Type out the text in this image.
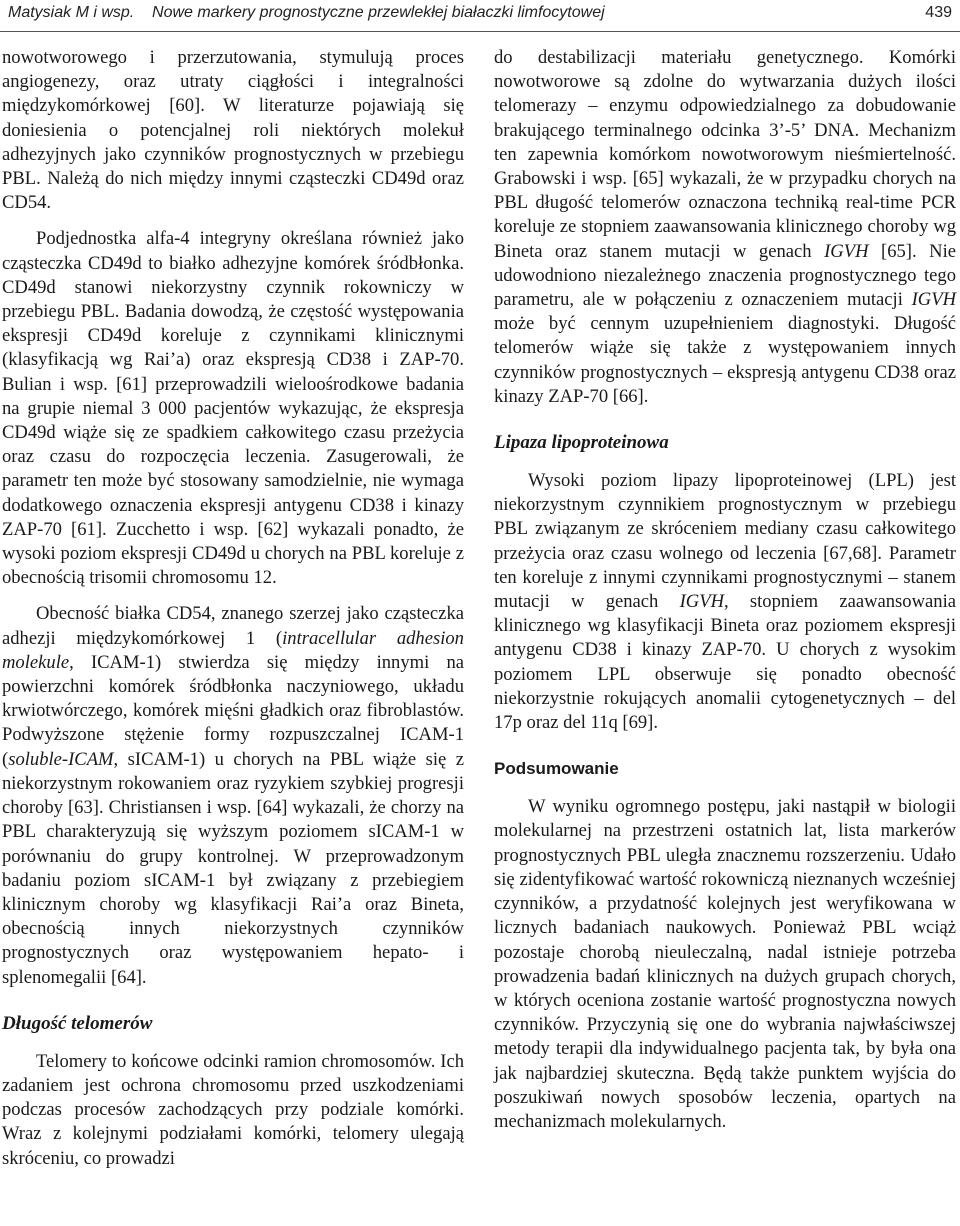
Matysiak M i wsp. Nowe markery prognostyczne przewlekłej białaczki limfocytowej	439

nowotworowego i przerzutowania, stymulują proces angiogenezy, oraz utraty ciągłości i integralności międzykomórkowej [60]. W literaturze pojawiają się doniesienia o potencjalnej roli niektórych molekuł adhezyjnych jako czynników prognostycznych w przebiegu PBL. Należą do nich między innymi cząsteczki CD49d oraz CD54.

Podjednostka alfa-4 integryny określana również jako cząsteczka CD49d to białko adhezyjne komórek śródbłonka. CD49d stanowi niekorzystny czynnik rokowniczy w przebiegu PBL. Badania dowodzą, że częstość występowania ekspresji CD49d koreluje z czynnikami klinicznymi (klasyfikacją wg Rai’a) oraz ekspresją CD38 i ZAP-70. Bulian i wsp. [61] przeprowadzili wieloośrodkowe badania na grupie niemal 3 000 pacjentów wykazując, że ekspresja CD49d wiąże się ze spadkiem całkowitego czasu przeżycia oraz czasu do rozpoczęcia leczenia. Zasugerowali, że parametr ten może być stosowany samodzielnie, nie wymaga dodatkowego oznaczenia ekspresji antygenu CD38 i kinazy ZAP-70 [61]. Zucchetto i wsp. [62] wykazali ponadto, że wysoki poziom ekspresji CD49d u chorych na PBL koreluje z obecnością trisomii chromosomu 12.

Obecność białka CD54, znanego szerzej jako cząsteczka adhezji międzykomórkowej 1 (intracellular adhesion molekule, ICAM-1) stwierdza się między innymi na powierzchni komórek śródbłonka naczyniowego, układu krwiotwórczego, komórek mięśni gładkich oraz fibroblastów. Podwyższone stężenie formy rozpuszczalnej ICAM-1 (soluble-ICAM, sICAM-1) u chorych na PBL wiąże się z niekorzystnym rokowaniem oraz ryzykiem szybkiej progresji choroby [63]. Christiansen i wsp. [64] wykazali, że chorzy na PBL charakteryzują się wyższym poziomem sICAM-1 w porównaniu do grupy kontrolnej. W przeprowadzonym badaniu poziom sICAM-1 był związany z przebiegiem klinicznym choroby wg klasyfikacji Rai’a oraz Bineta, obecnością innych niekorzystnych czynników prognostycznych oraz występowaniem hepato- i splenomegalii [64].

Długość telomerów

Telomery to końcowe odcinki ramion chromosomów. Ich zadaniem jest ochrona chromosomu przed uszkodzeniami podczas procesów zachodzących przy podziale komórki. Wraz z kolejnymi podziałami komórki, telomery ulegają skróceniu, co prowadzi

do destabilizacji materiału genetycznego. Komórki nowotworowe są zdolne do wytwarzania dużych ilości telomerazy – enzymu odpowiedzialnego za dobudowanie brakującego terminalnego odcinka 3’-5’ DNA. Mechanizm ten zapewnia komórkom nowotworowym nieśmiertelność. Grabowski i wsp. [65] wykazali, że w przypadku chorych na PBL długość telomerów oznaczona techniką real-time PCR koreluje ze stopniem zaawansowania klinicznego choroby wg Bineta oraz stanem mutacji w genach IGVH [65]. Nie udowodniono niezależnego znaczenia prognostycznego tego parametru, ale w połączeniu z oznaczeniem mutacji IGVH może być cennym uzupełnieniem diagnostyki. Długość telomerów wiąże się także z występowaniem innych czynników prognostycznych – ekspresją antygenu CD38 oraz kinazy ZAP-70 [66].

Lipaza lipoproteinowa

Wysoki poziom lipazy lipoproteinowej (LPL) jest niekorzystnym czynnikiem prognostycznym w przebiegu PBL związanym ze skróceniem mediany czasu całkowitego przeżycia oraz czasu wolnego od leczenia [67,68]. Parametr ten koreluje z innymi czynnikami prognostycznymi – stanem mutacji w genach IGVH, stopniem zaawansowania klinicznego wg klasyfikacji Bineta oraz poziomem ekspresji antygenu CD38 i kinazy ZAP-70. U chorych z wysokim poziomem LPL obserwuje się ponadto obecność niekorzystnie rokujących anomalii cytogenetycznych – del 17p oraz del 11q [69].

Podsumowanie

W wyniku ogromnego postępu, jaki nastąpił w biologii molekularnej na przestrzeni ostatnich lat, lista markerów prognostycznych PBL uległa znacznemu rozszerzeniu. Udało się zidentyfikować wartość rokowniczą nieznanych wcześniej czynników, a przydatność kolejnych jest weryfikowana w licznych badaniach naukowych. Ponieważ PBL wciąż pozostaje chorobą nieuleczalną, nadal istnieje potrzeba prowadzenia badań klinicznych na dużych grupach chorych, w których oceniona zostanie wartość prognostyczna nowych czynników. Przyczynią się one do wybrania najwłaściwszej metody terapii dla indywidualnego pacjenta tak, by była ona jak najbardziej skuteczna. Będą także punktem wyjścia do poszukiwań nowych sposobów leczenia, opartych na mechanizmach molekularnych.
